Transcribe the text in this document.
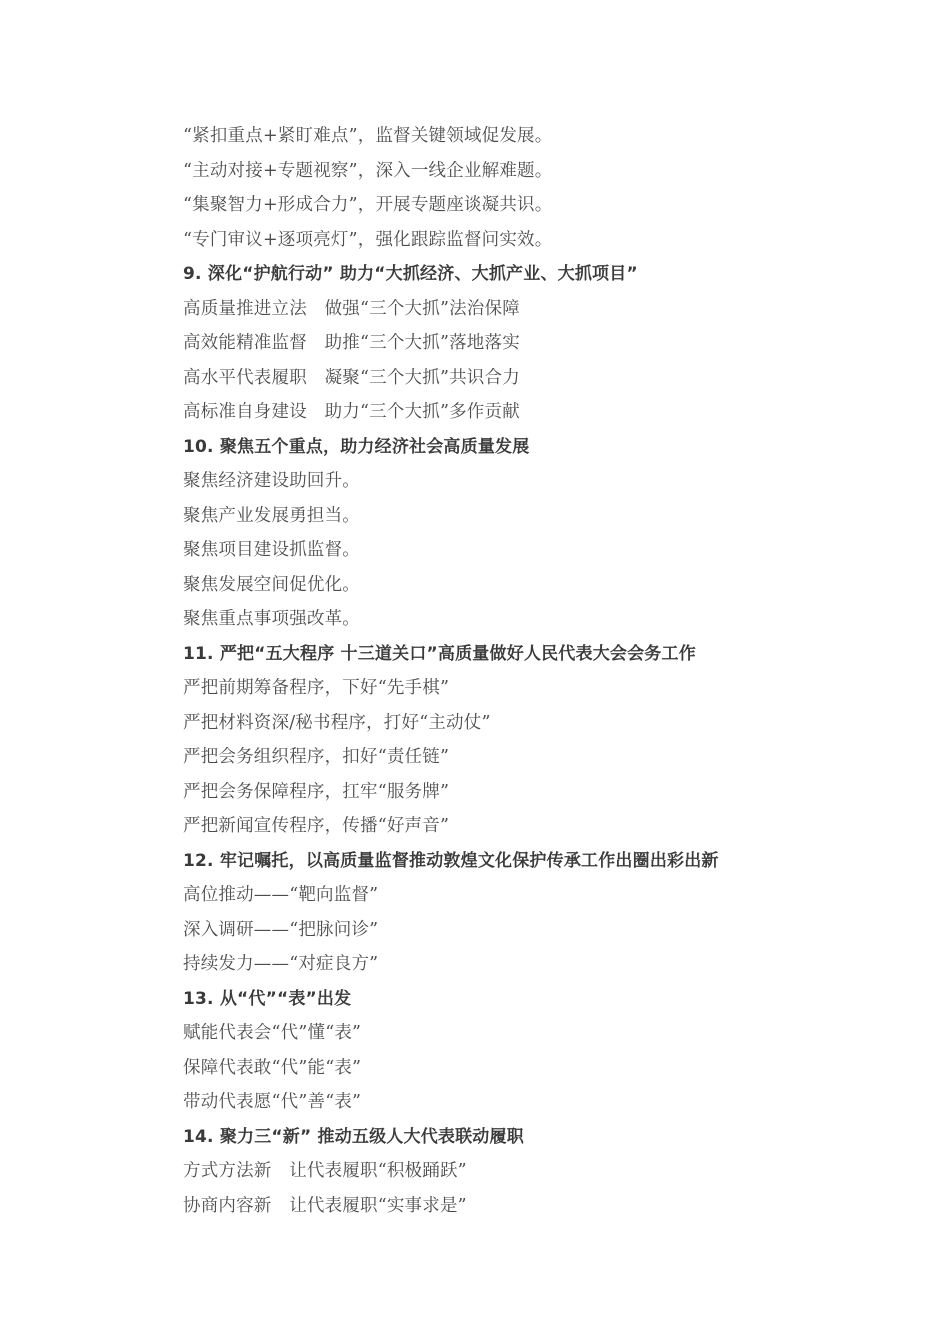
“紧扣重点+紧盯难点”，监督关键领域促发展。
“主动对接+专题视察”，深入一线企业解难题。
“集聚智力+形成合力”，开展专题座谈凝共识。
“专门审议+逐项亮灯”，强化跟踪监督问实效。
9. 深化“护航行动” 助力“大抓经济、大抓产业、大抓项目”
高质量推进立法　做强“三个大抓”法治保障
高效能精准监督　助推“三个大抓”落地落实
高水平代表履职　凝聚“三个大抓”共识合力
高标准自身建设　助力“三个大抓”多作贡献
10. 聚焦五个重点，助力经济社会高质量发展
聚焦经济建设助回升。
聚焦产业发展勇担当。
聚焦项目建设抓监督。
聚焦发展空间促优化。
聚焦重点事项强改革。
11. 严把“五大程序 十三道关口”高质量做好人民代表大会会务工作
严把前期筹备程序，下好“先手棋”
严把材料资深/秘书程序，打好“主动仗”
严把会务组织程序，扣好“责任链”
严把会务保障程序，扛牢“服务牌”
严把新闻宣传程序，传播“好声音”
12. 牢记嘱托，以高质量监督推动敦煌文化保护传承工作出圈出彩出新
高位推动——“靶向监督”
深入调研——“把脉问诊”
持续发力——“对症良方”
13. 从“代”“表”出发
赋能代表会“代”懂“表”
保障代表敢“代”能“表”
带动代表愿“代”善“表”
14. 聚力三“新” 推动五级人大代表联动履职
方式方法新　让代表履职“积极踊跃”
协商内容新　让代表履职“实事求是”
